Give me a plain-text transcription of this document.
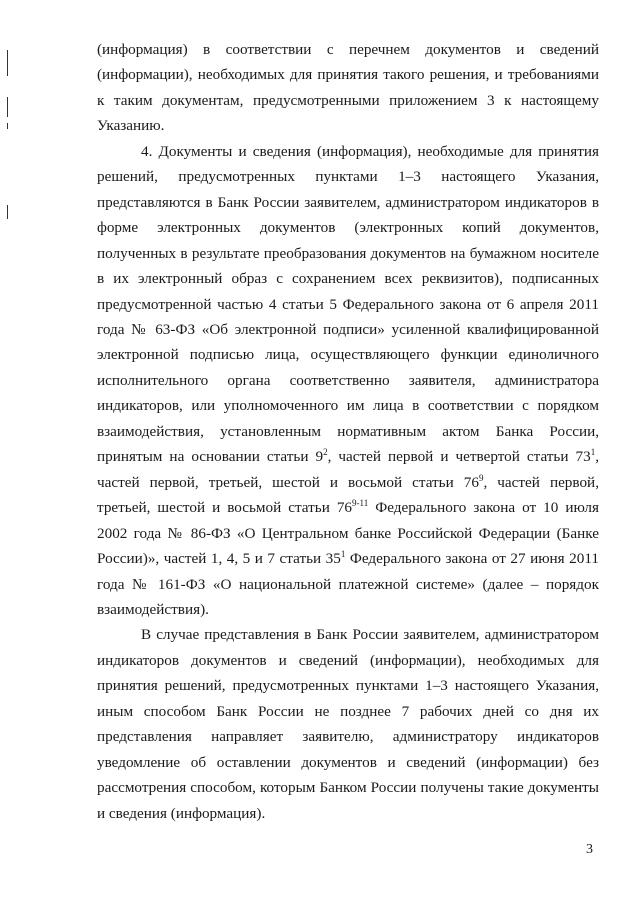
(информация) в соответствии с перечнем документов и сведений (информации), необходимых для принятия такого решения, и требованиями к таким документам, предусмотренными приложением 3 к настоящему Указанию.

4. Документы и сведения (информация), необходимые для принятия решений, предусмотренных пунктами 1–3 настоящего Указания, представляются в Банк России заявителем, администратором индикаторов в форме электронных документов (электронных копий документов, полученных в результате преобразования документов на бумажном носителе в их электронный образ с сохранением всех реквизитов), подписанных предусмотренной частью 4 статьи 5 Федерального закона от 6 апреля 2011 года № 63-ФЗ «Об электронной подписи» усиленной квалифицированной электронной подписью лица, осуществляющего функции единоличного исполнительного органа соответственно заявителя, администратора индикаторов, или уполномоченного им лица в соответствии с порядком взаимодействия, установленным нормативным актом Банка России, принятым на основании статьи $9^2$, частей первой и четвертой статьи $73^1$, частей первой, третьей, шестой и восьмой статьи $76^9$, частей первой, третьей, шестой и восьмой статьи 76$^{9-11}$ Федерального закона от 10 июля 2002 года № 86-ФЗ «О Центральном банке Российской Федерации (Банке России)», частей 1, 4, 5 и 7 статьи $35^1$ Федерального закона от 27 июня 2011 года № 161-ФЗ «О национальной платежной системе» (далее – порядок взаимодействия).

В случае представления в Банк России заявителем, администратором индикаторов документов и сведений (информации), необходимых для принятия решений, предусмотренных пунктами 1–3 настоящего Указания, иным способом Банк России не позднее 7 рабочих дней со дня их представления направляет заявителю, администратору индикаторов уведомление об оставлении документов и сведений (информации) без рассмотрения способом, которым Банком России получены такие документы и сведения (информация).

3
